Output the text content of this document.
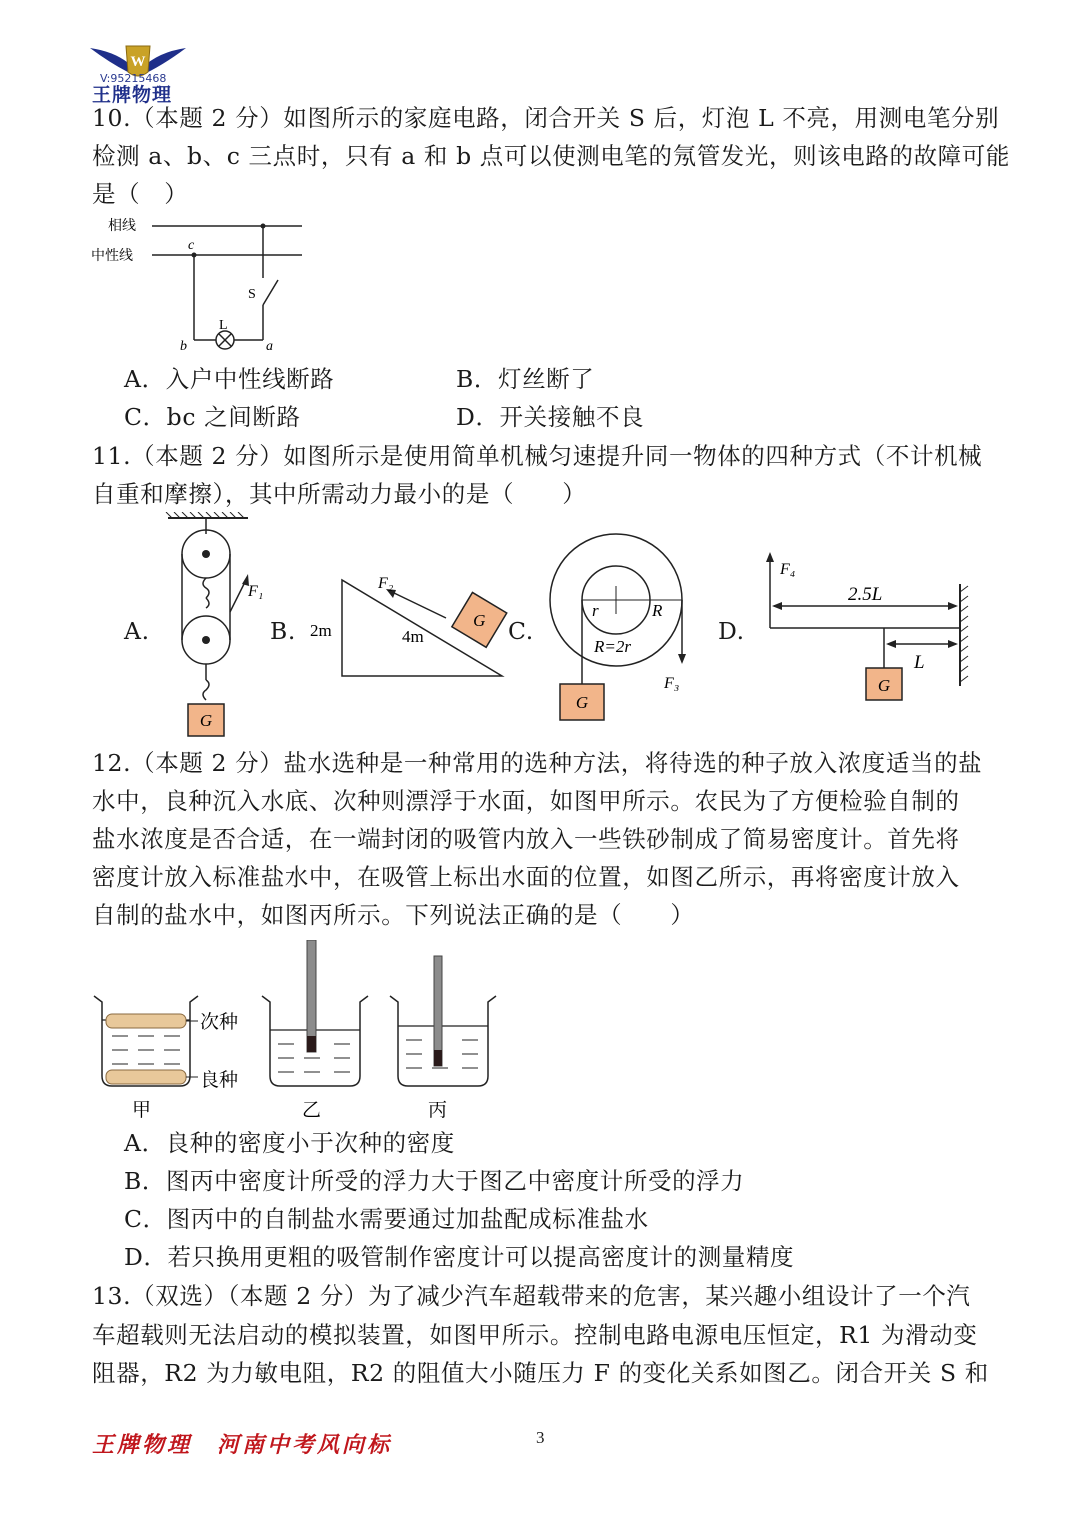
W
V:95215468
王牌物理
10.（本题 2 分）如图所示的家庭电路，闭合开关 S 后，灯泡 L 不亮，用测电笔分别
检测 a、b、c 三点时，只有 a 和 b 点可以使测电笔的氖管发光，则该电路的故障可能
是（　）
相线
中性线
c
S
L
b	a
A．入户中性线断路	B．灯丝断了
C．bc 之间断路	D．开关接触不良
11.（本题 2 分）如图所示是使用简单机械匀速提升同一物体的四种方式（不计机械
自重和摩擦），其中所需动力最小的是（　　）
A.	B.	C.	D.
G
F₁
G
F₂
2m	4m
G
r	R
R=2r
F₃	G
F₄
2.5L
L
12.（本题 2 分）盐水选种是一种常用的选种方法，将待选的种子放入浓度适当的盐
水中，良种沉入水底、次种则漂浮于水面，如图甲所示。农民为了方便检验自制的
盐水浓度是否合适，在一端封闭的吸管内放入一些铁砂制成了简易密度计。首先将
密度计放入标准盐水中，在吸管上标出水面的位置，如图乙所示，再将密度计放入
自制的盐水中，如图丙所示。下列说法正确的是（　　）
次种
良种
甲	乙	丙
A．良种的密度小于次种的密度
B．图丙中密度计所受的浮力大于图乙中密度计所受的浮力
C．图丙中的自制盐水需要通过加盐配成标准盐水
D．若只换用更粗的吸管制作密度计可以提高密度计的测量精度
13.（双选）（本题 2 分）为了减少汽车超载带来的危害，某兴趣小组设计了一个汽
车超载则无法启动的模拟装置，如图甲所示。控制电路电源电压恒定，R1 为滑动变
阻器，R2 为力敏电阻，R2 的阻值大小随压力 F 的变化关系如图乙。闭合开关 S 和
王牌物理　河南中考风向标	3
